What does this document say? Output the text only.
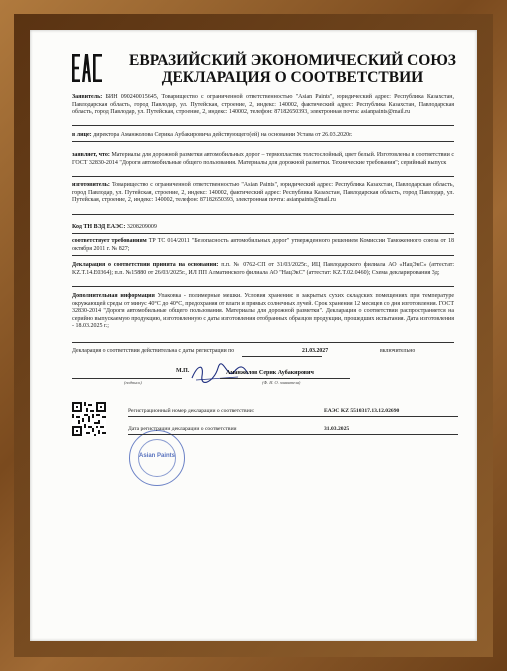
ЕВРАЗИЙСКИЙ ЭКОНОМИЧЕСКИЙ СОЮЗ
ДЕКЛАРАЦИЯ О СООТВЕТСТВИИ
Заявитель: БИН 090240015645, Товарищество с ограниченной ответственностью "Asian Paints", юридический адрес: Республика Казахстан, Павлодарская область, город Павлодар, ул. Путейская, строение, 2, индекс: 140002, фактический адрес: Республика Казахстан, Павлодарская область, город Павлодар, ул. Путейская, строение, 2, индекс: 140002, телефон: 87182650393, электронная почта: asianpaints@mail.ru
в лице: директора Аманжолова Серика Аубакировича действующего(ей) на основании Устава от 26.03.2020г.
заявляет, что: Материалы для дорожной разметки автомобильных дорог – термопластик толстослойный, цвет белый. Изготовлены в соответствии с ГОСТ 32830-2014 "Дороги автомобильные общего пользования. Материалы для дорожной разметки. Технические требования"; серийный выпуск
изготовитель: Товарищество с ограниченной ответственностью "Asian Paints", юридический адрес: Республика Казахстан, Павлодарская область, город Павлодар, ул. Путейская, строение, 2, индекс: 140002, фактический адрес: Республика Казахстан, Павлодарская область, город Павлодар, ул. Путейская, строение, 2, индекс: 140002, телефон: 87182650393, электронная почта: asianpaints@mail.ru
Код ТН ВЭД ЕАЭС: 3208209009
соответствует требованиям ТР ТС 014/2011 "Безопасность автомобильных дорог" утвержденного решением Комиссии Таможенного союза от 18 октября 2011 г. № 827;
Декларация о соответствии принята на основании: п.п. № 0762-СП от 31/03/2025г., ИЦ Павлодарского филиала АО «НацЭкС» (аттестат: KZ.T.14.E0364); п.п. №15880 от 26/03/2025г., ИЛ ПП Алматинского филиала АО "НацЭкС" (аттестат: KZ.T.02.0460); Схема декларирования 3д;
Дополнительная информация Упаковка - полимерные мешки. Условия хранения: в закрытых сухих складских помещениях при температуре окружающей среды от минус 40°С до 40°С, предохраняя от влаги и прямых солнечных лучей. Срок хранения 12 месяцев со дня изготовления. ГОСТ 32830-2014 "Дороги автомобильные общего пользования. Материалы для дорожной разметки". Декларация о соответствии распространяется на серийно выпускаемую продукцию, изготовленную с даты изготовления отобранных образцов продукции, прошедших испытания. Дата изготовления - 18.03.2025 г.;
Декларация о соответствии действительна с даты регистрации по	21.03.2027	включительно
Asian Paints
М.П.
(подпись)
Аманжолов Серик Аубакирович
(Ф. И. О. заявителя)
Регистрационный номер декларации о соответствии:	ЕАЭС KZ 5510317.13.12.02690
Дата регистрации декларации о соответствии	31.03.2025
